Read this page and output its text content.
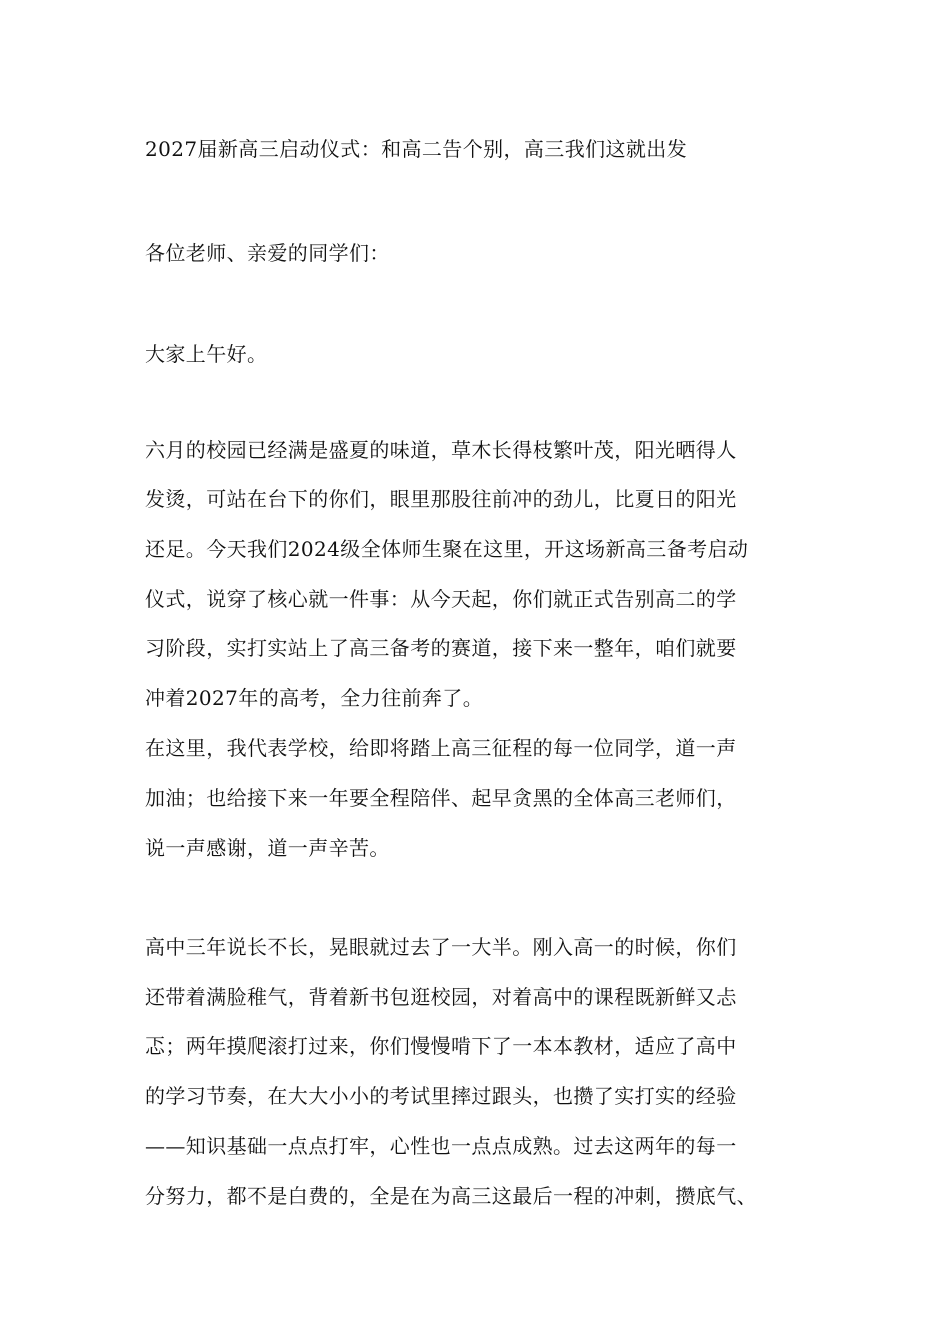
2027届新高三启动仪式：和高二告个别，高三我们这就出发
各位老师、亲爱的同学们：
大家上午好。
六月的校园已经满是盛夏的味道，草木长得枝繁叶茂，阳光晒得人
发烫，可站在台下的你们，眼里那股往前冲的劲儿，比夏日的阳光
还足。今天我们2024级全体师生聚在这里，开这场新高三备考启动
仪式，说穿了核心就一件事：从今天起，你们就正式告别高二的学
习阶段，实打实站上了高三备考的赛道，接下来一整年，咱们就要
冲着2027年的高考，全力往前奔了。
在这里，我代表学校，给即将踏上高三征程的每一位同学，道一声
加油；也给接下来一年要全程陪伴、起早贪黑的全体高三老师们，
说一声感谢，道一声辛苦。
高中三年说长不长，晃眼就过去了一大半。刚入高一的时候，你们
还带着满脸稚气，背着新书包逛校园，对着高中的课程既新鲜又忐
忑；两年摸爬滚打过来，你们慢慢啃下了一本本教材，适应了高中
的学习节奏，在大大小小的考试里摔过跟头，也攒了实打实的经验
——知识基础一点点打牢，心性也一点点成熟。过去这两年的每一
分努力，都不是白费的，全是在为高三这最后一程的冲刺，攒底气、
